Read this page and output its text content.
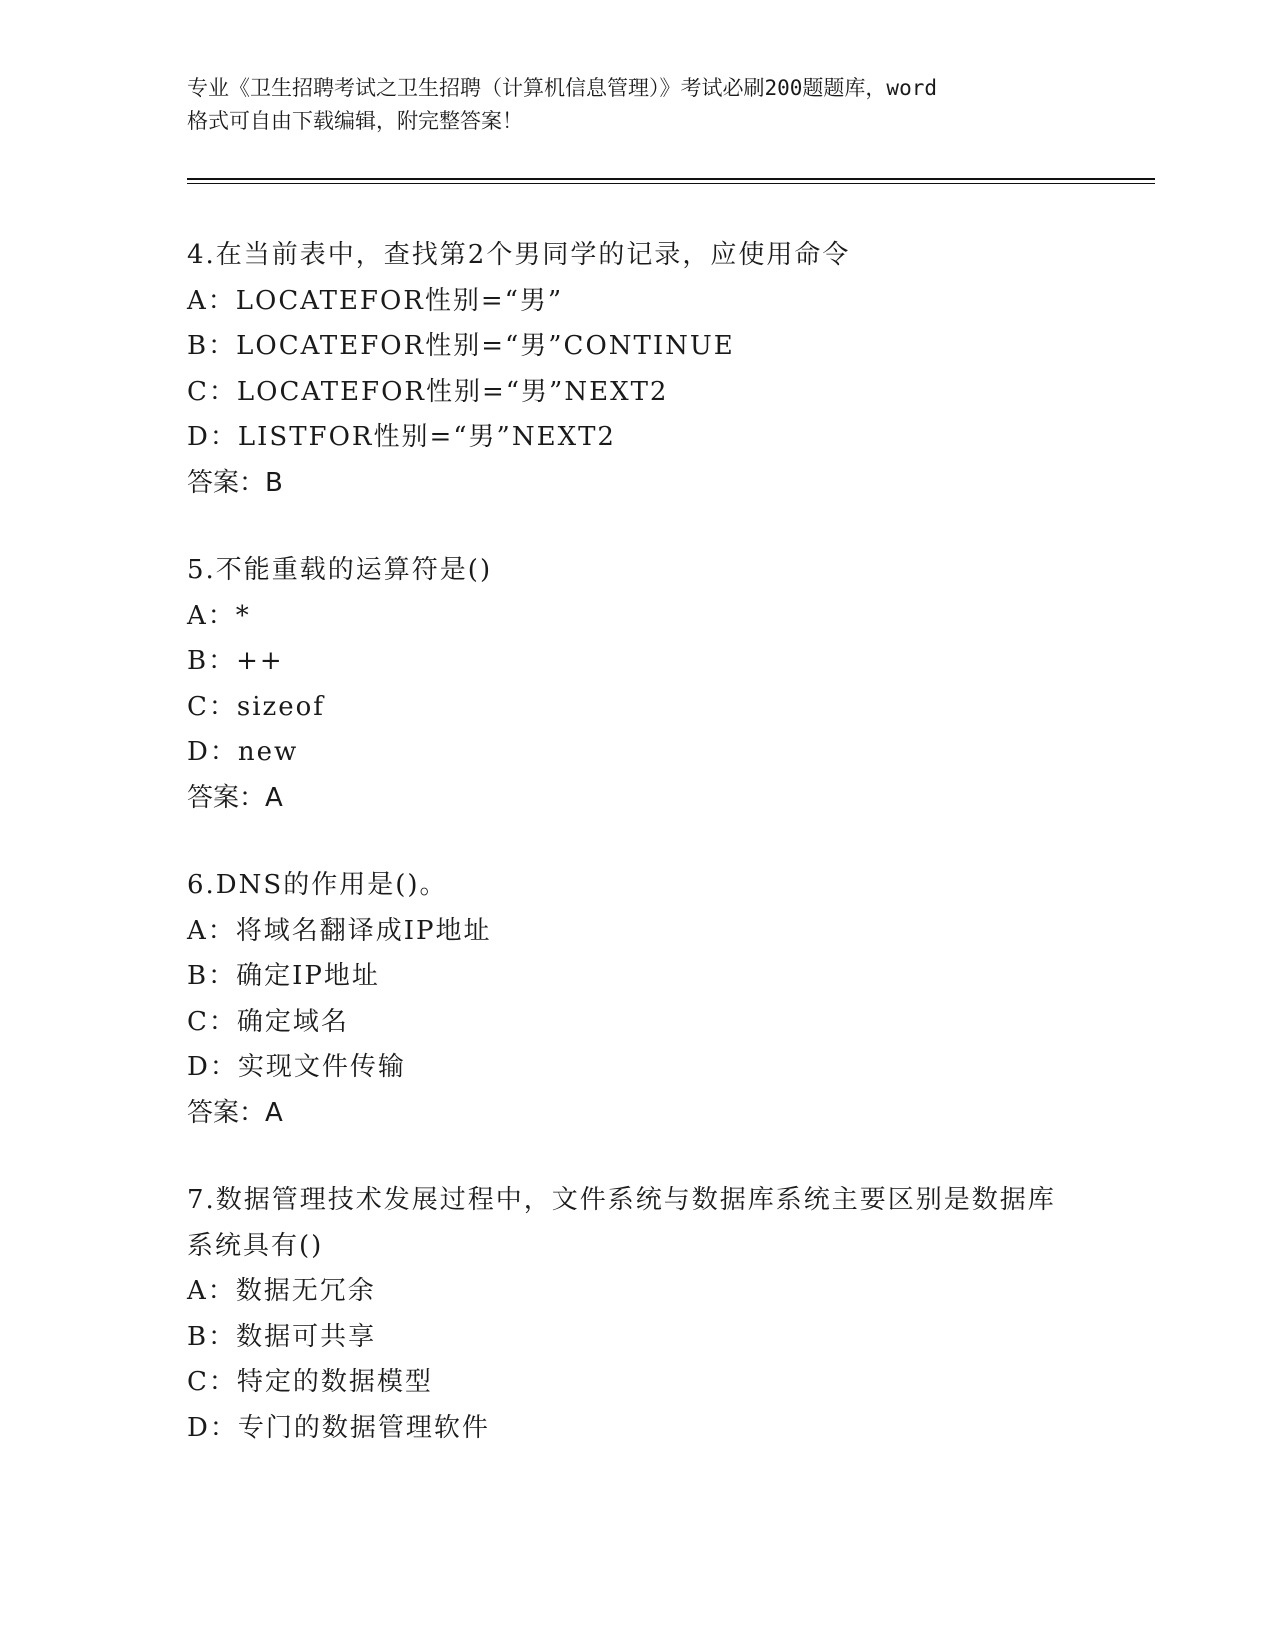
专业《卫生招聘考试之卫生招聘（计算机信息管理）》考试必刷200题题库，word
格式可自由下载编辑，附完整答案！
4.在当前表中，查找第2个男同学的记录，应使用命令
A：LOCATEFOR性别=“男”
B：LOCATEFOR性别=“男”CONTINUE
C：LOCATEFOR性别=“男”NEXT2
D：LISTFOR性别=“男”NEXT2
答案：B
5.不能重载的运算符是()
A：*
B：++
C：sizeof
D：new
答案：A
6.DNS的作用是()。
A：将域名翻译成IP地址
B：确定IP地址
C：确定域名
D：实现文件传输
答案：A
7.数据管理技术发展过程中，文件系统与数据库系统主要区别是数据库系统具有()
A：数据无冗余
B：数据可共享
C：特定的数据模型
D：专门的数据管理软件
